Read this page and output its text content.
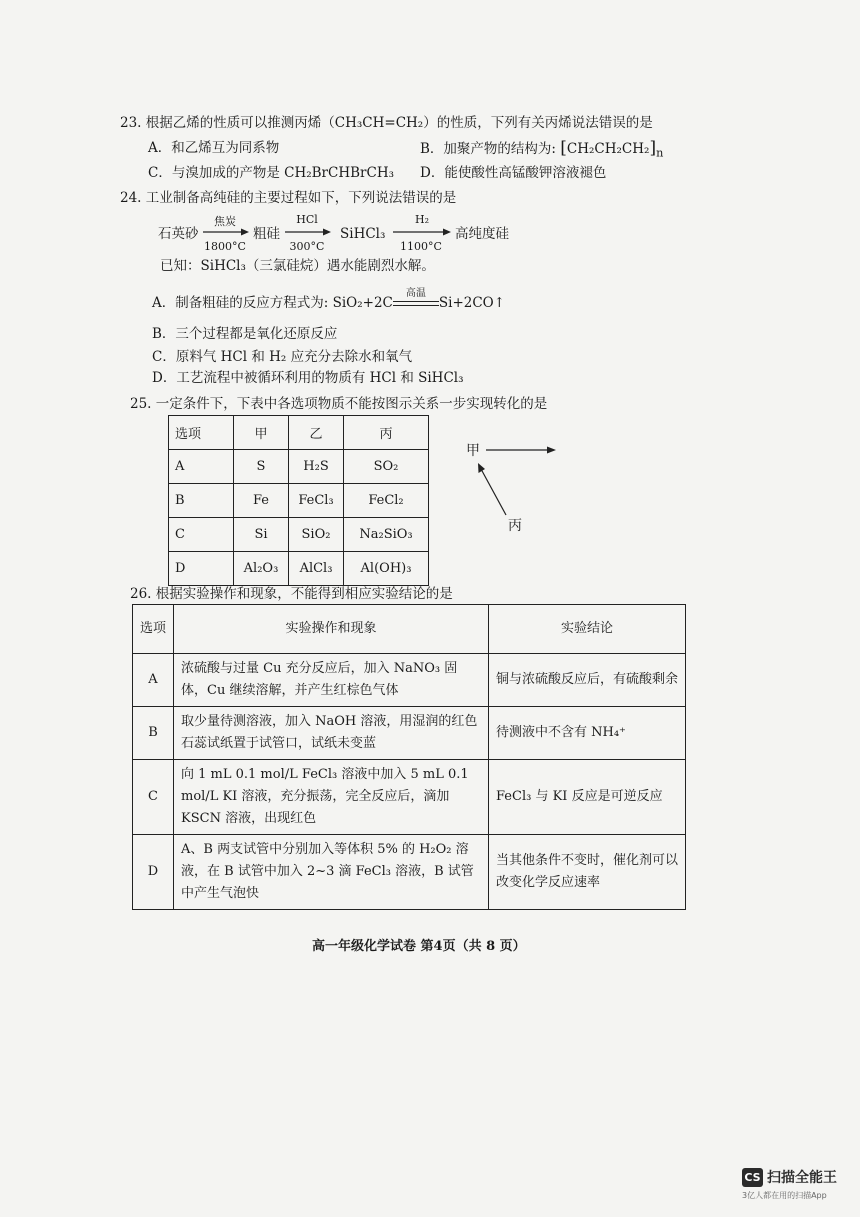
23. 根据乙烯的性质可以推测丙烯（CH₃CH=CH₂）的性质，下列有关丙烯说法错误的是
A．和乙烯互为同系物	B．加聚产物的结构为: $[CH_2CH_2CH_2]_n$
C．与溴加成的产物是 CH₂BrCHBrCH₃ D．能使酸性高锰酸钾溶液褪色
24. 工业制备高纯硅的主要过程如下，下列说法错误的是
石英砂
焦炭
1800°C
粗硅
HCl
300°C
SiHCl₃
H₂
1100°C
高纯度硅
已知：SiHCl₃（三氯硅烷）遇水能剧烈水解。
A．制备粗硅的反应方程式为: SiO₂+2C
高温
Si+2CO↑
B．三个过程都是氧化还原反应
C．原料气 HCl 和 H₂ 应充分去除水和氧气
D．工艺流程中被循环利用的物质有 HCl 和 SiHCl₃
25. 一定条件下，下表中各选项物质不能按图示关系一步实现转化的是
选项	甲	乙	丙
A	S	H₂S	SO₂
B	Fe	FeCl₃	FeCl₂
C	Si	SiO₂	Na₂SiO₃
D	Al₂O₃	AlCl₃	Al(OH)₃
甲
丙
26. 根据实验操作和现象，不能得到相应实验结论的是
选项	实验操作和现象	实验结论
A	浓硫酸与过量 Cu 充分反应后，加入 NaNO₃ 固体，Cu 继续溶解，并产生红棕色气体	铜与浓硫酸反应后，有硫酸剩余
B	取少量待测溶液，加入 NaOH 溶液，用湿润的红色石蕊试纸置于试管口，试纸未变蓝	待测液中不含有 NH₄⁺
C	向 1 mL 0.1 mol/L FeCl₃ 溶液中加入 5 mL 0.1 mol/L KI 溶液，充分振荡，完全反应后，滴加 KSCN 溶液，出现红色	FeCl₃ 与 KI 反应是可逆反应
D	A、B 两支试管中分别加入等体积 5% 的 H₂O₂ 溶液，在 B 试管中加入 2~3 滴 FeCl₃ 溶液，B 试管中产生气泡快	当其他条件不变时，催化剂可以改变化学反应速率
高一年级化学试卷 第4页（共 8 页）
CS 扫描全能王
3亿人都在用的扫描App
